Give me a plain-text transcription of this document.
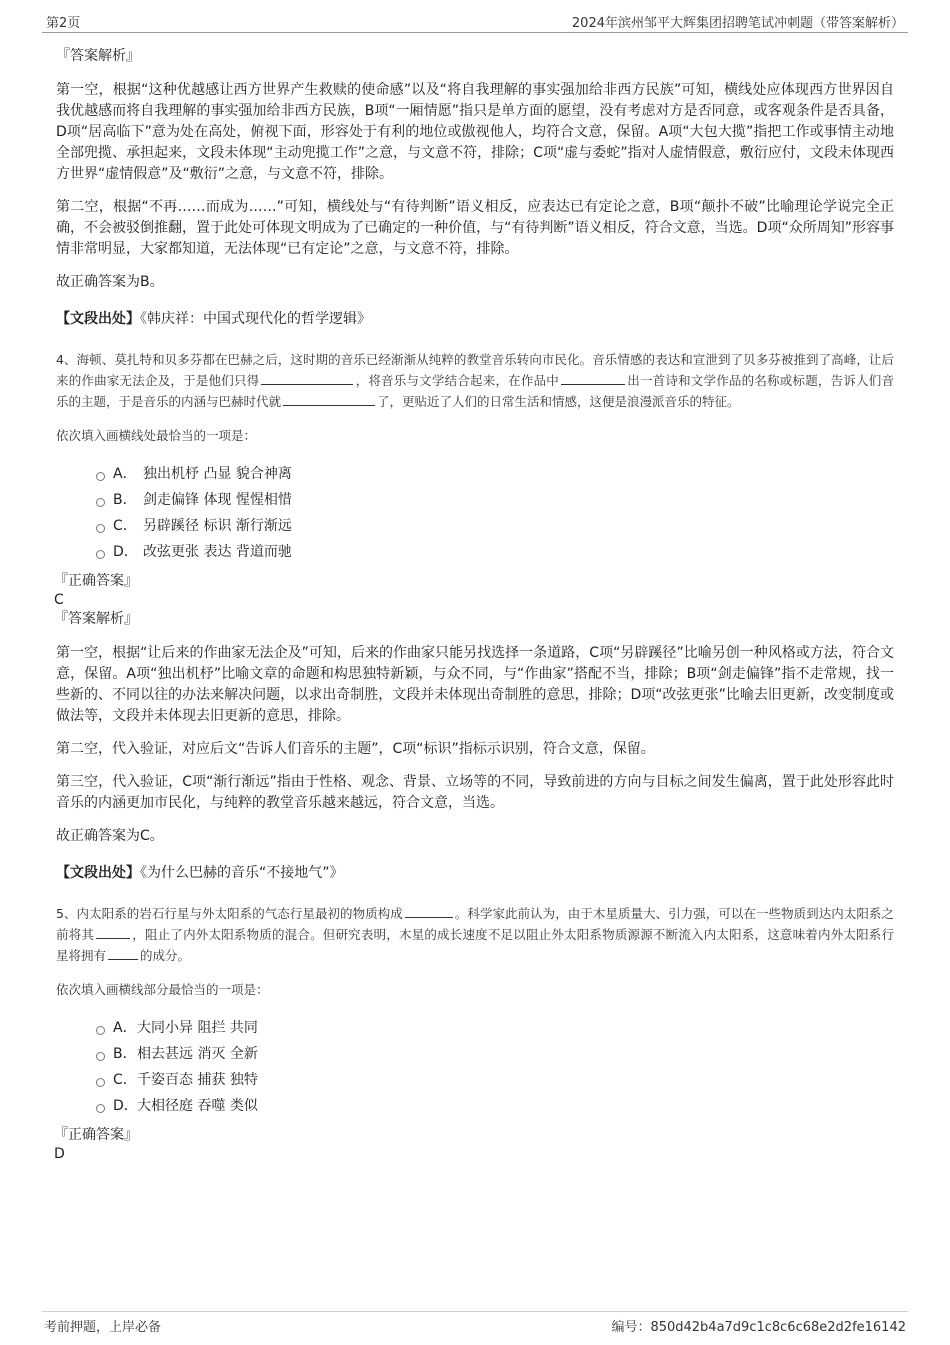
第2页	2024年滨州邹平大辉集团招聘笔试冲刺题（带答案解析）
『答案解析』

第一空，根据“这种优越感让西方世界产生救赎的使命感”以及“将自我理解的事实强加给非西方民族”可知，横线处应体现西方世界因自我优越感而将自我理解的事实强加给非西方民族，B项“一厢情愿”指只是单方面的愿望，没有考虑对方是否同意，或客观条件是否具备，D项“居高临下”意为处在高处，俯视下面，形容处于有利的地位或傲视他人，均符合文意，保留。A项“大包大揽”指把工作或事情主动地全部兜揽、承担起来，文段未体现“主动兜揽工作”之意，与文意不符，排除；C项“虚与委蛇”指对人虚情假意，敷衍应付，文段未体现西方世界“虚情假意”及“敷衍”之意，与文意不符，排除。

第二空，根据“不再……而成为……”可知，横线处与“有待判断”语义相反，应表达已有定论之意，B项“颠扑不破”比喻理论学说完全正确，不会被驳倒推翻，置于此处可体现文明成为了已确定的一种价值，与“有待判断”语义相反，符合文意，当选。D项“众所周知”形容事情非常明显，大家都知道，无法体现“已有定论”之意，与文意不符，排除。

故正确答案为B。

【文段出处】《韩庆祥：中国式现代化的哲学逻辑》
4、海顿、莫扎特和贝多芬都在巴赫之后，这时期的音乐已经渐渐从纯粹的教堂音乐转向市民化。音乐情感的表达和宣泄到了贝多芬被推到了高峰，让后来的作曲家无法企及，于是他们只得	，将音乐与文学结合起来，在作品中	出一首诗和文学作品的名称或标题，告诉人们音乐的主题，于是音乐的内涵与巴赫时代就	了，更贴近了人们的日常生活和情感，这便是浪漫派音乐的特征。
依次填入画横线处最恰当的一项是：
A． 独出机杼 凸显 貌合神离
B． 剑走偏锋 体现 惺惺相惜
C． 另辟蹊径 标识 渐行渐远
D． 改弦更张 表达 背道而驰
『正确答案』
C
『答案解析』

第一空，根据“让后来的作曲家无法企及”可知，后来的作曲家只能另找选择一条道路，C项“另辟蹊径”比喻另创一种风格或方法，符合文意，保留。A项“独出机杼”比喻文章的命题和构思独特新颖，与众不同，与“作曲家”搭配不当，排除；B项“剑走偏锋”指不走常规，找一些新的、不同以往的办法来解决问题，以求出奇制胜，文段并未体现出奇制胜的意思，排除；D项“改弦更张”比喻去旧更新，改变制度或做法等，文段并未体现去旧更新的意思，排除。

第二空，代入验证，对应后文“告诉人们音乐的主题”，C项“标识”指标示识别，符合文意，保留。

第三空，代入验证，C项“渐行渐远”指由于性格、观念、背景、立场等的不同，导致前进的方向与目标之间发生偏离，置于此处形容此时音乐的内涵更加市民化，与纯粹的教堂音乐越来越远，符合文意，当选。

故正确答案为C。

【文段出处】《为什么巴赫的音乐“不接地气”》
5、内太阳系的岩石行星与外太阳系的气态行星最初的物质构成	。科学家此前认为，由于木星质量大、引力强，可以在一些物质到达内太阳系之前将其	，阻止了内外太阳系物质的混合。但研究表明，木星的成长速度不足以阻止外太阳系物质源源不断流入内太阳系，这意味着内外太阳系行星将拥有	的成分。
依次填入画横线部分最恰当的一项是：
A． 大同小异 阻拦 共同
B． 相去甚远 消灭 全新
C． 千姿百态 捕获 独特
D． 大相径庭 吞噬 类似
『正确答案』
D
考前押题，上岸必备	编号：850d42b4a7d9c1c8c6c68e2d2fe16142
